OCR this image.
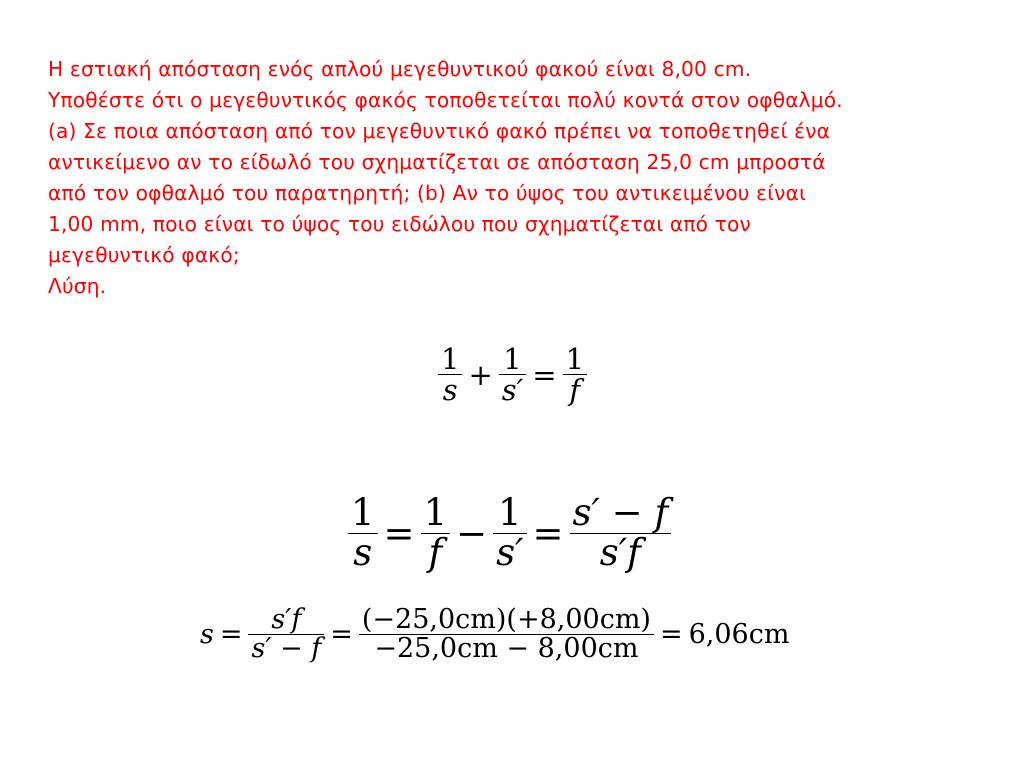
Η εστιακή απόσταση ενός απλού μεγεθυντικού φακού είναι 8,00 cm.
Υποθέστε ότι ο μεγεθυντικός φακός τοποθετείται πολύ κοντά στον οφθαλμό.
(a) Σε ποια απόσταση από τον μεγεθυντικό φακό πρέπει να τοποθετηθεί ένα
αντικείμενο αν το είδωλό του σχηματίζεται σε απόσταση 25,0 cm μπροστά
από τον οφθαλμό του παρατηρητή; (b) Αν το ύψος του αντικειμένου είναι
1,00 mm, ποιο είναι το ύψος του ειδώλου που σχηματίζεται από τον
μεγεθυντικό φακό;
Λύση.
$\frac{1}{s} + \frac{1}{s'} = \frac{1}{f}$
$\frac{1}{s} = \frac{1}{f} - \frac{1}{s'} = \frac{s' - f}{s'f}$
$s = \frac{s'f}{s' - f} = \frac{(-25,0cm)(+8,00cm)}{-25,0cm - 8,00cm} = 6,06cm$
